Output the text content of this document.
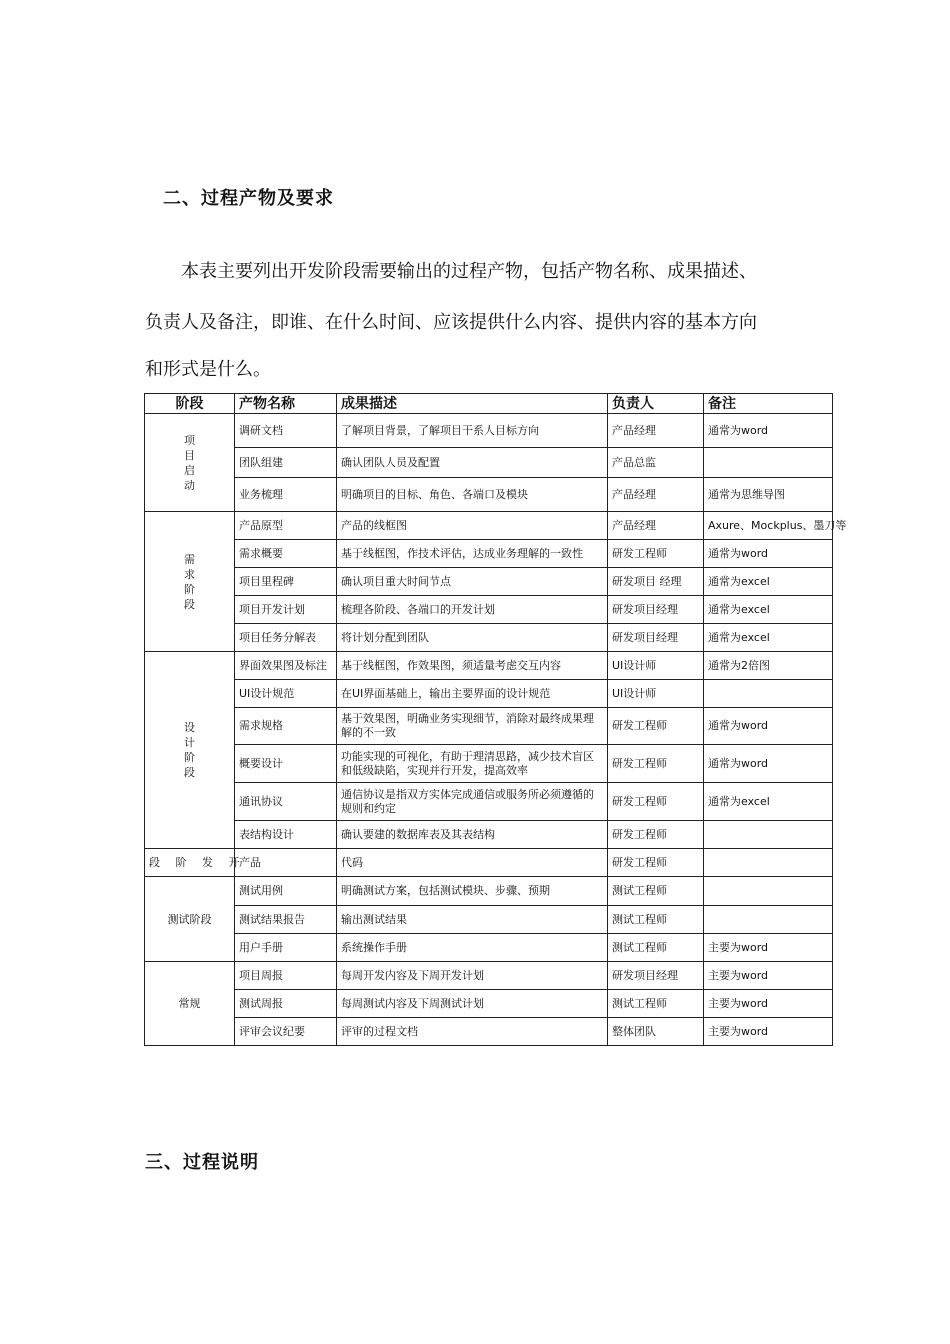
二、过程产物及要求
本表主要列出开发阶段需要输出的过程产物，包括产物名称、成果描述、
负责人及备注，即谁、在什么时间、应该提供什么内容、提供内容的基本方向
和形式是什么。
阶段	产物名称	成果描述	负责人	备注
项目启动	调研文档	了解项目背景，了解项目干系人目标方向	产品经理	通常为word
	团队组建	确认团队人员及配置	产品总监	
	业务梳理	明确项目的目标、角色、各端口及模块	产品经理	通常为思维导图
需求阶段	产品原型	产品的线框图	产品经理	Axure、Mockplus、墨刀等
	需求概要	基于线框图，作技术评估，达成业务理解的一致性	研发工程师	通常为word
	项目里程碑	确认项目重大时间节点	研发项目 经理	通常为excel
	项目开发计划	梳理各阶段、各端口的开发计划	研发项目经理	通常为excel
	项目任务分解表	将计划分配到团队	研发项目经理	通常为excel
设计阶段	界面效果图及标注	基于线框图，作效果图，须适量考虑交互内容	UI设计师	通常为2倍图
	UI设计规范	在UI界面基础上，输出主要界面的设计规范	UI设计师	
	需求规格	基于效果图，明确业务实现细节，消除对最终成果理解的不一致	研发工程师	通常为word
	概要设计	功能实现的可视化，有助于理清思路，减少技术盲区和低级缺陷，实现并行开发，提高效率	研发工程师	通常为word
	通讯协议	通信协议是指双方实体完成通信或服务所必须遵循的规则和约定	研发工程师	通常为excel
	表结构设计	确认要建的数据库表及其表结构	研发工程师	
段 阶 发 开	产品	代码	研发工程师	
测试阶段	测试用例	明确测试方案，包括测试模块、步骤、预期	测试工程师	
	测试结果报告	输出测试结果	测试工程师	
	用户手册	系统操作手册	测试工程师	主要为word
常规	项目周报	每周开发内容及下周开发计划	研发项目经理	主要为word
	测试周报	每周测试内容及下周测试计划	测试工程师	主要为word
	评审会议纪要	评审的过程文档	整体团队	主要为word
三、过程说明
